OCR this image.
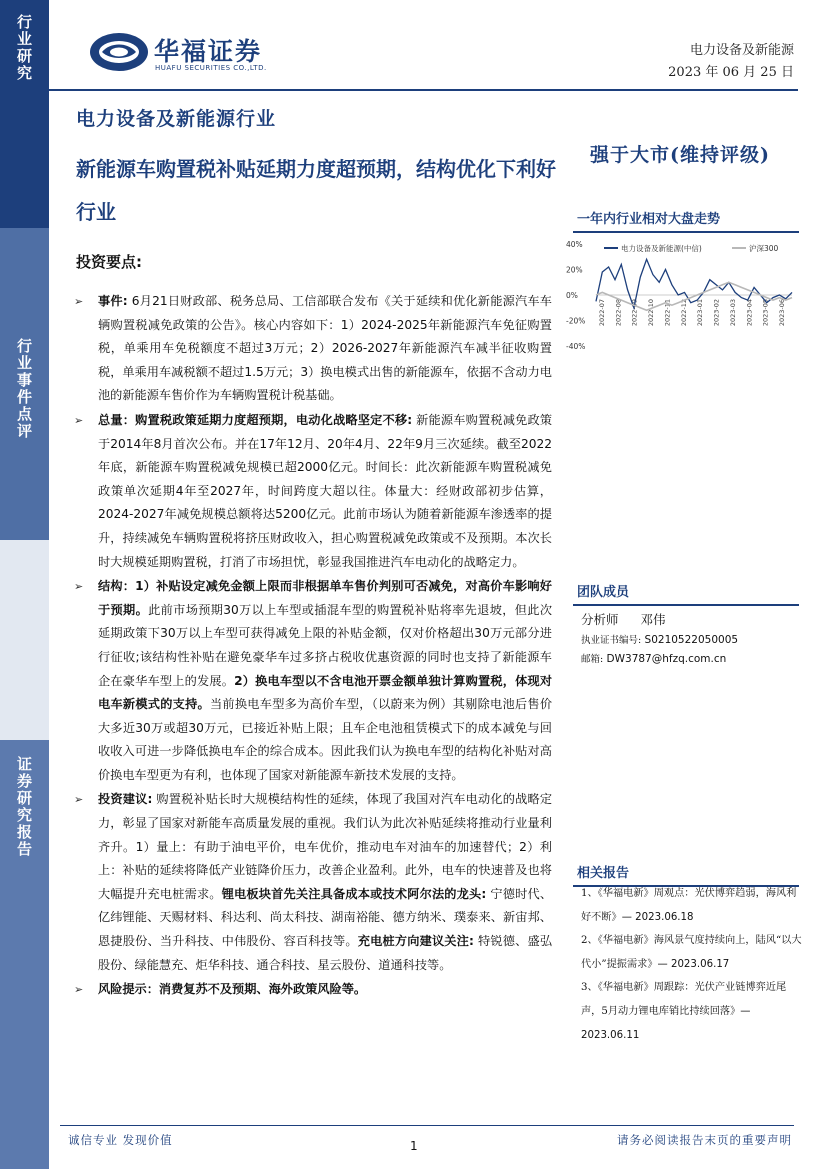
行业研究
行业事件点评
证券研究报告
华福证券
HUAFU SECURITIES CO.,LTD.
电力设备及新能源
2023 年 06 月 25 日
电力设备及新能源行业
新能源车购置税补贴延期力度超预期，结构优化下利好行业
强于大市(维持评级)
投资要点:
➢ 事件: 6月21日财政部、税务总局、工信部联合发布《关于延续和优化新能源汽车车辆购置税减免政策的公告》。核心内容如下：1）2024-2025年新能源汽车免征购置税，单乘用车免税额度不超过3万元；2）2026-2027年新能源汽车减半征收购置税，单乘用车减税额不超过1.5万元；3）换电模式出售的新能源车，依据不含动力电池的新能源车售价作为车辆购置税计税基础。
➢ 总量：购置税政策延期力度超预期，电动化战略坚定不移: 新能源车购置税减免政策于2014年8月首次公布。并在17年12月、20年4月、22年9月三次延续。截至2022年底，新能源车购置税减免规模已超2000亿元。时间长：此次新能源车购置税减免政策单次延期4年至2027年，时间跨度大超以往。体量大：经财政部初步估算，2024-2027年减免规模总额将达5200亿元。此前市场认为随着新能源车渗透率的提升，持续减免车辆购置税将挤压财政收入，担心购置税减免政策或不及预期。本次长时大规模延期购置税，打消了市场担忧，彰显我国推进汽车电动化的战略定力。
➢ 结构：1）补贴设定减免金额上限而非根据单车售价判别可否减免，对高价车影响好于预期。此前市场预期30万以上车型或插混车型的购置税补贴将率先退坡，但此次延期政策下30万以上车型可获得减免上限的补贴金额，仅对价格超出30万元部分进行征收;该结构性补贴在避免豪华车过多挤占税收优惠资源的同时也支持了新能源车企在豪华车型上的发展。2）换电车型以不含电池开票金额单独计算购置税，体现对电车新模式的支持。当前换电车型多为高价车型，（以蔚来为例）其剔除电池后售价大多近30万或超30万元，已接近补贴上限；且车企电池租赁模式下的成本减免与回收收入可进一步降低换电车企的综合成本。因此我们认为换电车型的结构化补贴对高价换电车型更为有利，也体现了国家对新能源车新技术发展的支持。
➢ 投资建议: 购置税补贴长时大规模结构性的延续，体现了我国对汽车电动化的战略定力，彰显了国家对新能车高质量发展的重视。我们认为此次补贴延续将推动行业量利齐升。1）量上：有助于油电平价，电车优价，推动电车对油车的加速替代；2）利上：补贴的延续将降低产业链降价压力，改善企业盈利。此外，电车的快速普及也将大幅提升充电桩需求。锂电板块首先关注具备成本或技术阿尔法的龙头: 宁德时代、亿纬锂能、天赐材料、科达利、尚太科技、湖南裕能、德方纳米、璞泰来、新宙邦、恩捷股份、当升科技、中伟股份、容百科技等。充电桩方向建议关注: 特锐德、盛弘股份、绿能慧充、炬华科技、通合科技、星云股份、道通科技等。
➢ 风险提示：消费复苏不及预期、海外政策风险等。
一年内行业相对大盘走势
40%
20%
0%
-20%
-40%
2022-07 2022-08 2022-09 2022-10 2022-11 2022-12 2023-01 2023-02 2023-03 2023-04 2023-05 2023-06
电力设备及新能源(中信)	沪深300
团队成员
分析师 邓伟
执业证书编号: S0210522050005
邮箱: DW3787@hfzq.com.cn
相关报告
1、《华福电新》周观点：光伏博弈趋弱，海风利好不断》— 2023.06.18
2、《华福电新》海风景气度持续向上，陆风“以大代小”提振需求》— 2023.06.17
3、《华福电新》周跟踪：光伏产业链博弈近尾声，5月动力锂电库销比持续回落》— 2023.06.11
诚信专业 发现价值	1	请务必阅读报告末页的重要声明
